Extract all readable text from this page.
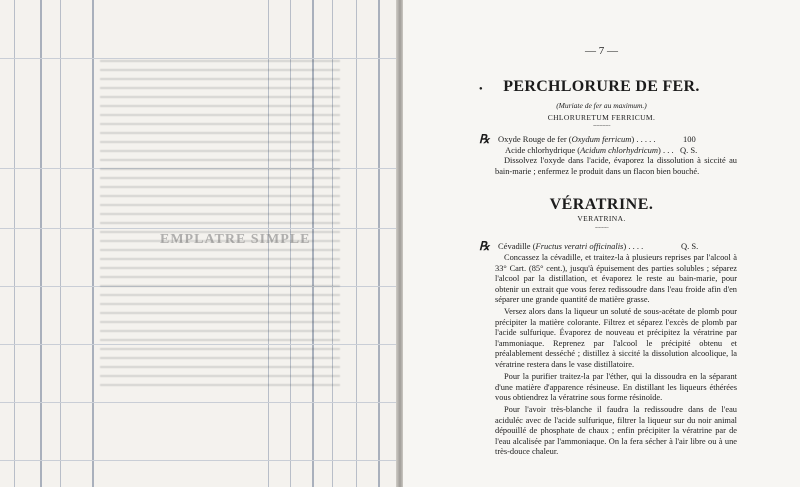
EMPLATRE SIMPLE
— 7 —
●	PERCHLORURE DE FER.
(Muriate de fer au maximum.)
CHLORURETUM FERRICUM.
∙∙∙∙∙∙∙∙∙∙∙∙∙∙∙∙∙∙∙∙∙∙∙
℞ Oxyde Rouge de fer (Oxydum ferricum) . . . . .	100
Acide chlorhydrique (Acidum chlorhydricum) . . . Q. S.

Dissolvez l'oxyde dans l'acide, évaporez la dissolution à siccité au bain-marie ; enfermez le produit dans un flacon bien bouché.

VÉRATRINE.
VERATRINA.
∙∙∙∙∙∙∙∙∙∙∙∙∙∙∙∙∙∙
℞ Cévadille (Fructus veratri officinalis) . . . .	Q. S.

Concassez la cévadille, et traitez-la à plusieurs reprises par l'alcool à 33° Cart. (85° cent.), jusqu'à épuisement des parties solubles ; séparez l'alcool par la distillation, et évaporez le reste au bain-marie, pour obtenir un extrait que vous ferez redissoudre dans l'eau froide afin d'en séparer une grande quantité de matière grasse.

Versez alors dans la liqueur un soluté de sous-acétate de plomb pour précipiter la matière colorante. Filtrez et séparez l'excès de plomb par l'acide sulfurique. Évaporez de nouveau et précipitez la vératrine par l'ammoniaque. Reprenez par l'alcool le précipité obtenu et préalablement desséché ; distillez à siccité la dissolution alcoolique, la vératrine restera dans le vase distillatoire.

Pour la purifier traitez-la par l'éther, qui la dissoudra en la séparant d'une matière d'apparence résineuse. En distillant les liqueurs éthérées vous obtiendrez la vératrine sous forme résinoïde.

Pour l'avoir très-blanche il faudra la redissoudre dans de l'eau aciduléc avec de l'acide sulfurique, filtrer la liqueur sur du noir animal dépouillé de phosphate de chaux ; enfin précipiter la vératrine par de l'eau alcalisée par l'ammoniaque. On la fera sécher à l'air libre ou à une très-douce chaleur.
